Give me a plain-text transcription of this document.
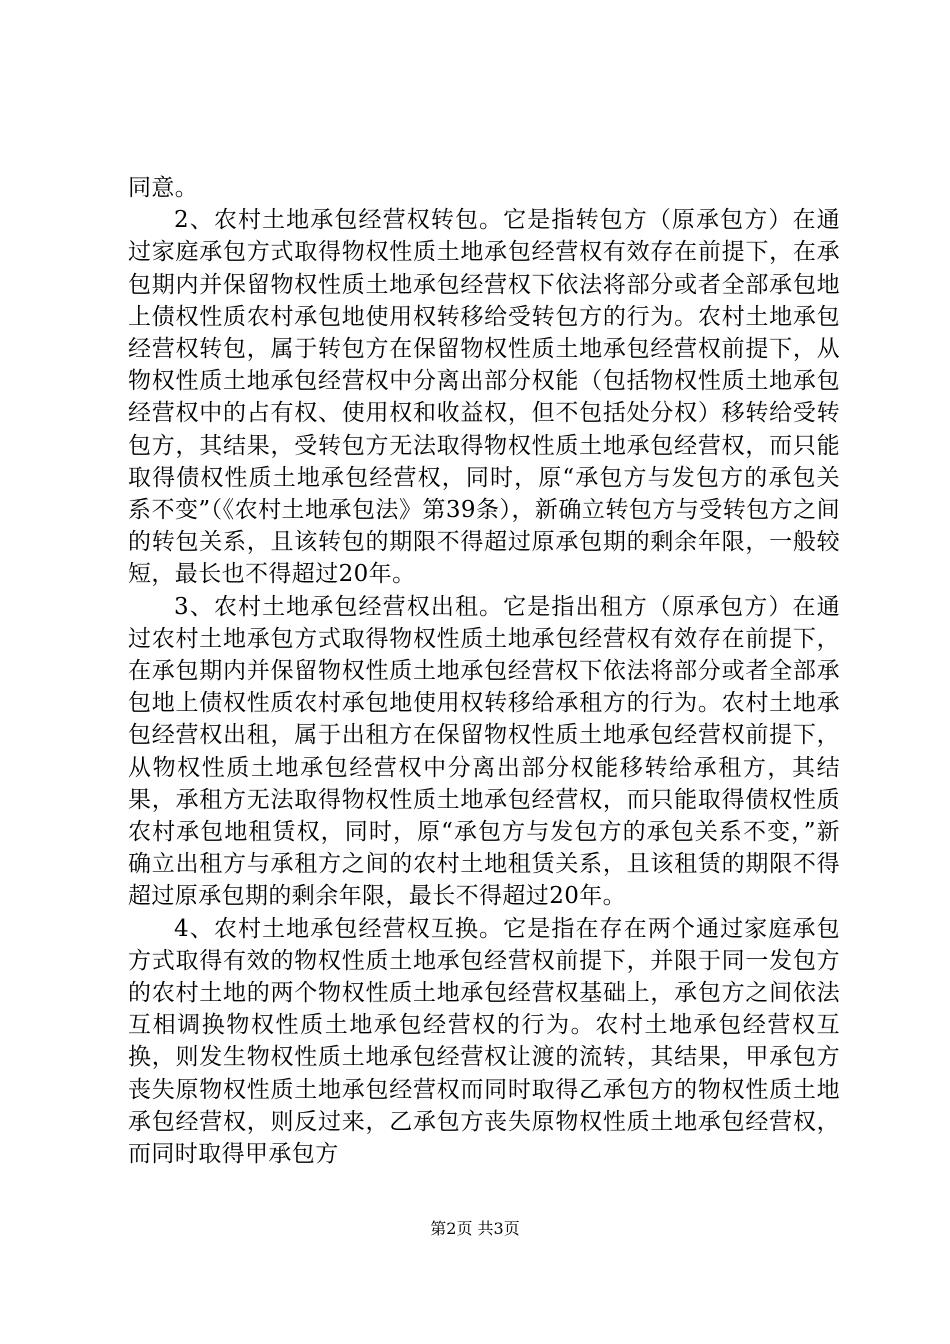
同意。

2、农村土地承包经营权转包。它是指转包方（原承包方）在通过家庭承包方式取得物权性质土地承包经营权有效存在前提下，在承包期内并保留物权性质土地承包经营权下依法将部分或者全部承包地上债权性质农村承包地使用权转移给受转包方的行为。农村土地承包经营权转包，属于转包方在保留物权性质土地承包经营权前提下，从物权性质土地承包经营权中分离出部分权能（包括物权性质土地承包经营权中的占有权、使用权和收益权，但不包括处分权）移转给受转包方，其结果，受转包方无法取得物权性质土地承包经营权，而只能取得债权性质土地承包经营权，同时，原“承包方与发包方的承包关系不变”（《农村土地承包法》第39条），新确立转包方与受转包方之间的转包关系，且该转包的期限不得超过原承包期的剩余年限，一般较短，最长也不得超过20年。

3、农村土地承包经营权出租。它是指出租方（原承包方）在通过农村土地承包方式取得物权性质土地承包经营权有效存在前提下，在承包期内并保留物权性质土地承包经营权下依法将部分或者全部承包地上债权性质农村承包地使用权转移给承租方的行为。农村土地承包经营权出租，属于出租方在保留物权性质土地承包经营权前提下，从物权性质土地承包经营权中分离出部分权能移转给承租方，其结果，承租方无法取得物权性质土地承包经营权，而只能取得债权性质农村承包地租赁权，同时，原“承包方与发包方的承包关系不变，”新确立出租方与承租方之间的农村土地租赁关系，且该租赁的期限不得超过原承包期的剩余年限，最长不得超过20年。

4、农村土地承包经营权互换。它是指在存在两个通过家庭承包方式取得有效的物权性质土地承包经营权前提下，并限于同一发包方的农村土地的两个物权性质土地承包经营权基础上，承包方之间依法互相调换物权性质土地承包经营权的行为。农村土地承包经营权互换，则发生物权性质土地承包经营权让渡的流转，其结果，甲承包方丧失原物权性质土地承包经营权而同时取得乙承包方的物权性质土地承包经营权，则反过来，乙承包方丧失原物权性质土地承包经营权，而同时取得甲承包方

第2页 共3页
